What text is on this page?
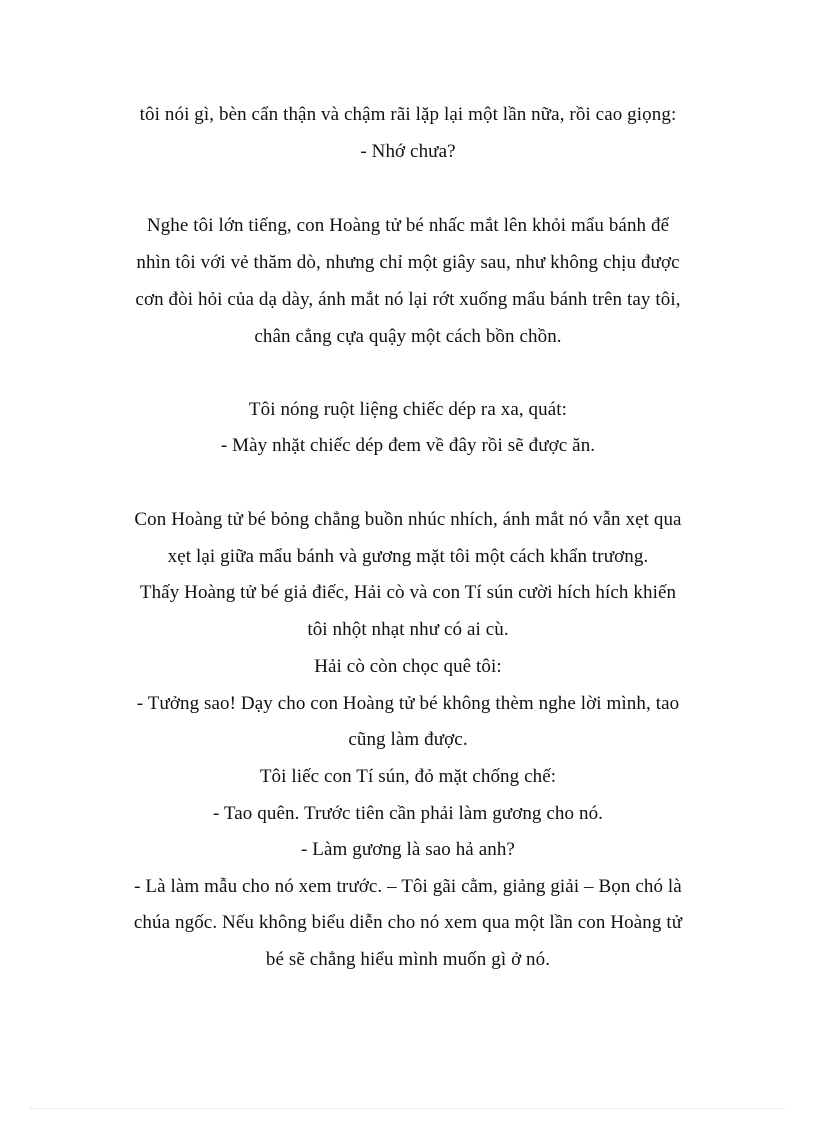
tôi nói gì, bèn cẩn thận và chậm rãi lặp lại một lần nữa, rồi cao giọng:
- Nhớ chưa?
Nghe tôi lớn tiếng, con Hoàng tử bé nhấc mắt lên khỏi mẩu bánh để
nhìn tôi với vẻ thăm dò, nhưng chỉ một giây sau, như không chịu được
cơn đòi hỏi của dạ dày, ánh mắt nó lại rớt xuống mẩu bánh trên tay tôi,
chân cẳng cựa quậy một cách bồn chồn.
Tôi nóng ruột liệng chiếc dép ra xa, quát:
- Mày nhặt chiếc dép đem về đây rồi sẽ được ăn.
Con Hoàng tử bé bỏng chẳng buồn nhúc nhích, ánh mắt nó vẫn xẹt qua
xẹt lại giữa mẩu bánh và gương mặt tôi một cách khẩn trương.
Thấy Hoàng tử bé giả điếc, Hải cò và con Tí sún cười hích hích khiến
tôi nhột nhạt như có ai cù.
Hải cò còn chọc quê tôi:
- Tưởng sao! Dạy cho con Hoàng tử bé không thèm nghe lời mình, tao
cũng làm được.
Tôi liếc con Tí sún, đỏ mặt chống chế:
- Tao quên. Trước tiên cần phải làm gương cho nó.
- Làm gương là sao hả anh?
- Là làm mẫu cho nó xem trước. – Tôi gãi cằm, giảng giải – Bọn chó là
chúa ngốc. Nếu không biểu diễn cho nó xem qua một lần con Hoàng tử
bé sẽ chẳng hiểu mình muốn gì ở nó.
